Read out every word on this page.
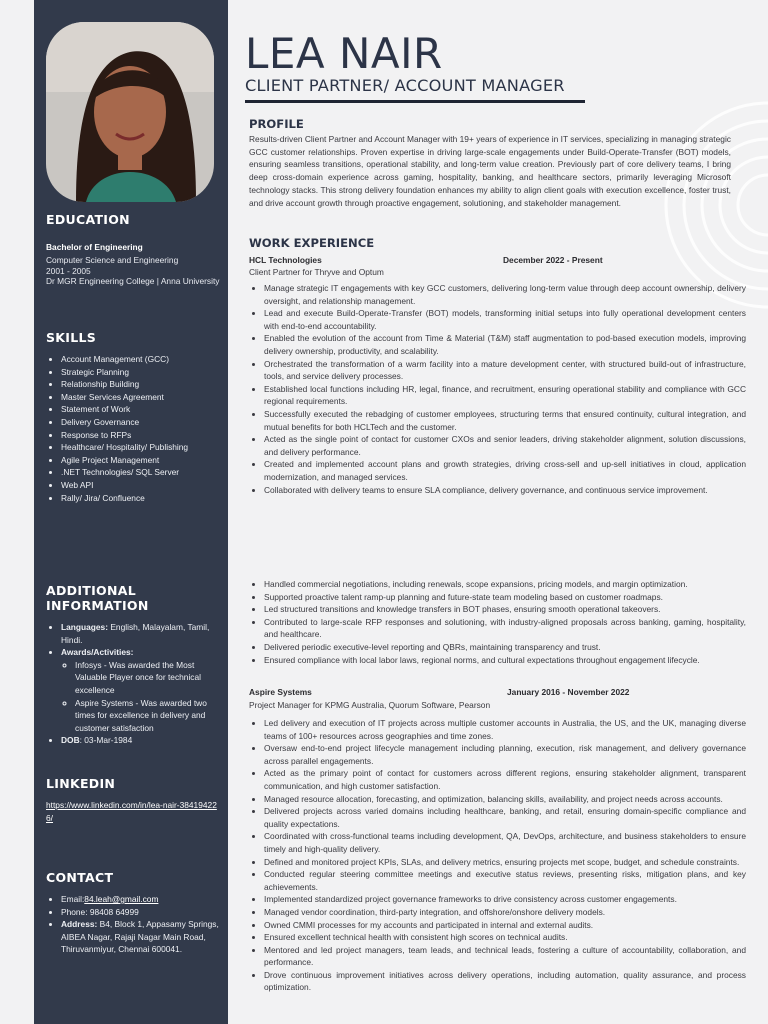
EDUCATION
Bachelor of Engineering
Computer Science and Engineering
2001 - 2005
Dr MGR Engineering College | Anna University
SKILLS
• Account Management (GCC)
• Strategic Planning
• Relationship Building
• Master Services Agreement
• Statement of Work
• Delivery Governance
• Response to RFPs
• Healthcare/ Hospitality/ Publishing
• Agile Project Management
• .NET Technologies/ SQL Server
• Web API
• Rally/ Jira/ Confluence
ADDITIONAL INFORMATION
• Languages: English, Malayalam, Tamil, Hindi.
• Awards/Activities:
◦ Infosys - Was awarded the Most Valuable Player once for technical excellence
◦ Aspire Systems - Was awarded two times for excellence in delivery and customer satisfaction
• DOB: 03-Mar-1984
LINKEDIN
https://www.linkedin.com/in/lea-nair-384194226/
CONTACT
• Email:84.leah@gmail.com
• Phone: 98408 64999
• Address: B4, Block 1, Appasamy Springs, AIBEA Nagar, Rajaji Nagar Main Road, Thiruvanmiyur, Chennai 600041.
LEA NAIR
CLIENT PARTNER/ ACCOUNT MANAGER
PROFILE
Results-driven Client Partner and Account Manager with 19+ years of experience in IT services, specializing in managing strategic GCC customer relationships. Proven expertise in driving large-scale engagements under Build-Operate-Transfer (BOT) models, ensuring seamless transitions, operational stability, and long-term value creation. Previously part of core delivery teams, I bring deep cross-domain experience across gaming, hospitality, banking, and healthcare sectors, primarily leveraging Microsoft technology stacks. This strong delivery foundation enhances my ability to align client goals with execution excellence, foster trust, and drive account growth through proactive engagement, solutioning, and stakeholder management.
WORK EXPERIENCE
HCL Technologies	December 2022 - Present
Client Partner for Thryve and Optum
• Manage strategic IT engagements with key GCC customers, delivering long-term value through deep account ownership, delivery oversight, and relationship management.
• Lead and execute Build-Operate-Transfer (BOT) models, transforming initial setups into fully operational development centers with end-to-end accountability.
• Enabled the evolution of the account from Time & Material (T&M) staff augmentation to pod-based execution models, improving delivery ownership, productivity, and scalability.
• Orchestrated the transformation of a warm facility into a mature development center, with structured build-out of infrastructure, tools, and service delivery processes.
• Established local functions including HR, legal, finance, and recruitment, ensuring operational stability and compliance with GCC regional requirements.
• Successfully executed the rebadging of customer employees, structuring terms that ensured continuity, cultural integration, and mutual benefits for both HCLTech and the customer.
• Acted as the single point of contact for customer CXOs and senior leaders, driving stakeholder alignment, solution discussions, and delivery performance.
• Created and implemented account plans and growth strategies, driving cross-sell and up-sell initiatives in cloud, application modernization, and managed services.
• Collaborated with delivery teams to ensure SLA compliance, delivery governance, and continuous service improvement.
• Handled commercial negotiations, including renewals, scope expansions, pricing models, and margin optimization.
• Supported proactive talent ramp-up planning and future-state team modeling based on customer roadmaps.
• Led structured transitions and knowledge transfers in BOT phases, ensuring smooth operational takeovers.
• Contributed to large-scale RFP responses and solutioning, with industry-aligned proposals across banking, gaming, hospitality, and healthcare.
• Delivered periodic executive-level reporting and QBRs, maintaining transparency and trust.
• Ensured compliance with local labor laws, regional norms, and cultural expectations throughout engagement lifecycle.
Aspire Systems	January 2016 - November 2022
Project Manager for KPMG Australia, Quorum Software, Pearson
• Led delivery and execution of IT projects across multiple customer accounts in Australia, the US, and the UK, managing diverse teams of 100+ resources across geographies and time zones.
• Oversaw end-to-end project lifecycle management including planning, execution, risk management, and delivery governance across parallel engagements.
• Acted as the primary point of contact for customers across different regions, ensuring stakeholder alignment, transparent communication, and high customer satisfaction.
• Managed resource allocation, forecasting, and optimization, balancing skills, availability, and project needs across accounts.
• Delivered projects across varied domains including healthcare, banking, and retail, ensuring domain-specific compliance and quality expectations.
• Coordinated with cross-functional teams including development, QA, DevOps, architecture, and business stakeholders to ensure timely and high-quality delivery.
• Defined and monitored project KPIs, SLAs, and delivery metrics, ensuring projects met scope, budget, and schedule constraints.
• Conducted regular steering committee meetings and executive status reviews, presenting risks, mitigation plans, and key achievements.
• Implemented standardized project governance frameworks to drive consistency across customer engagements.
• Managed vendor coordination, third-party integration, and offshore/onshore delivery models.
• Owned CMMI processes for my accounts and participated in internal and external audits.
• Ensured excellent technical health with consistent high scores on technical audits.
• Mentored and led project managers, team leads, and technical leads, fostering a culture of accountability, collaboration, and performance.
• Drove continuous improvement initiatives across delivery operations, including automation, quality assurance, and process optimization.
